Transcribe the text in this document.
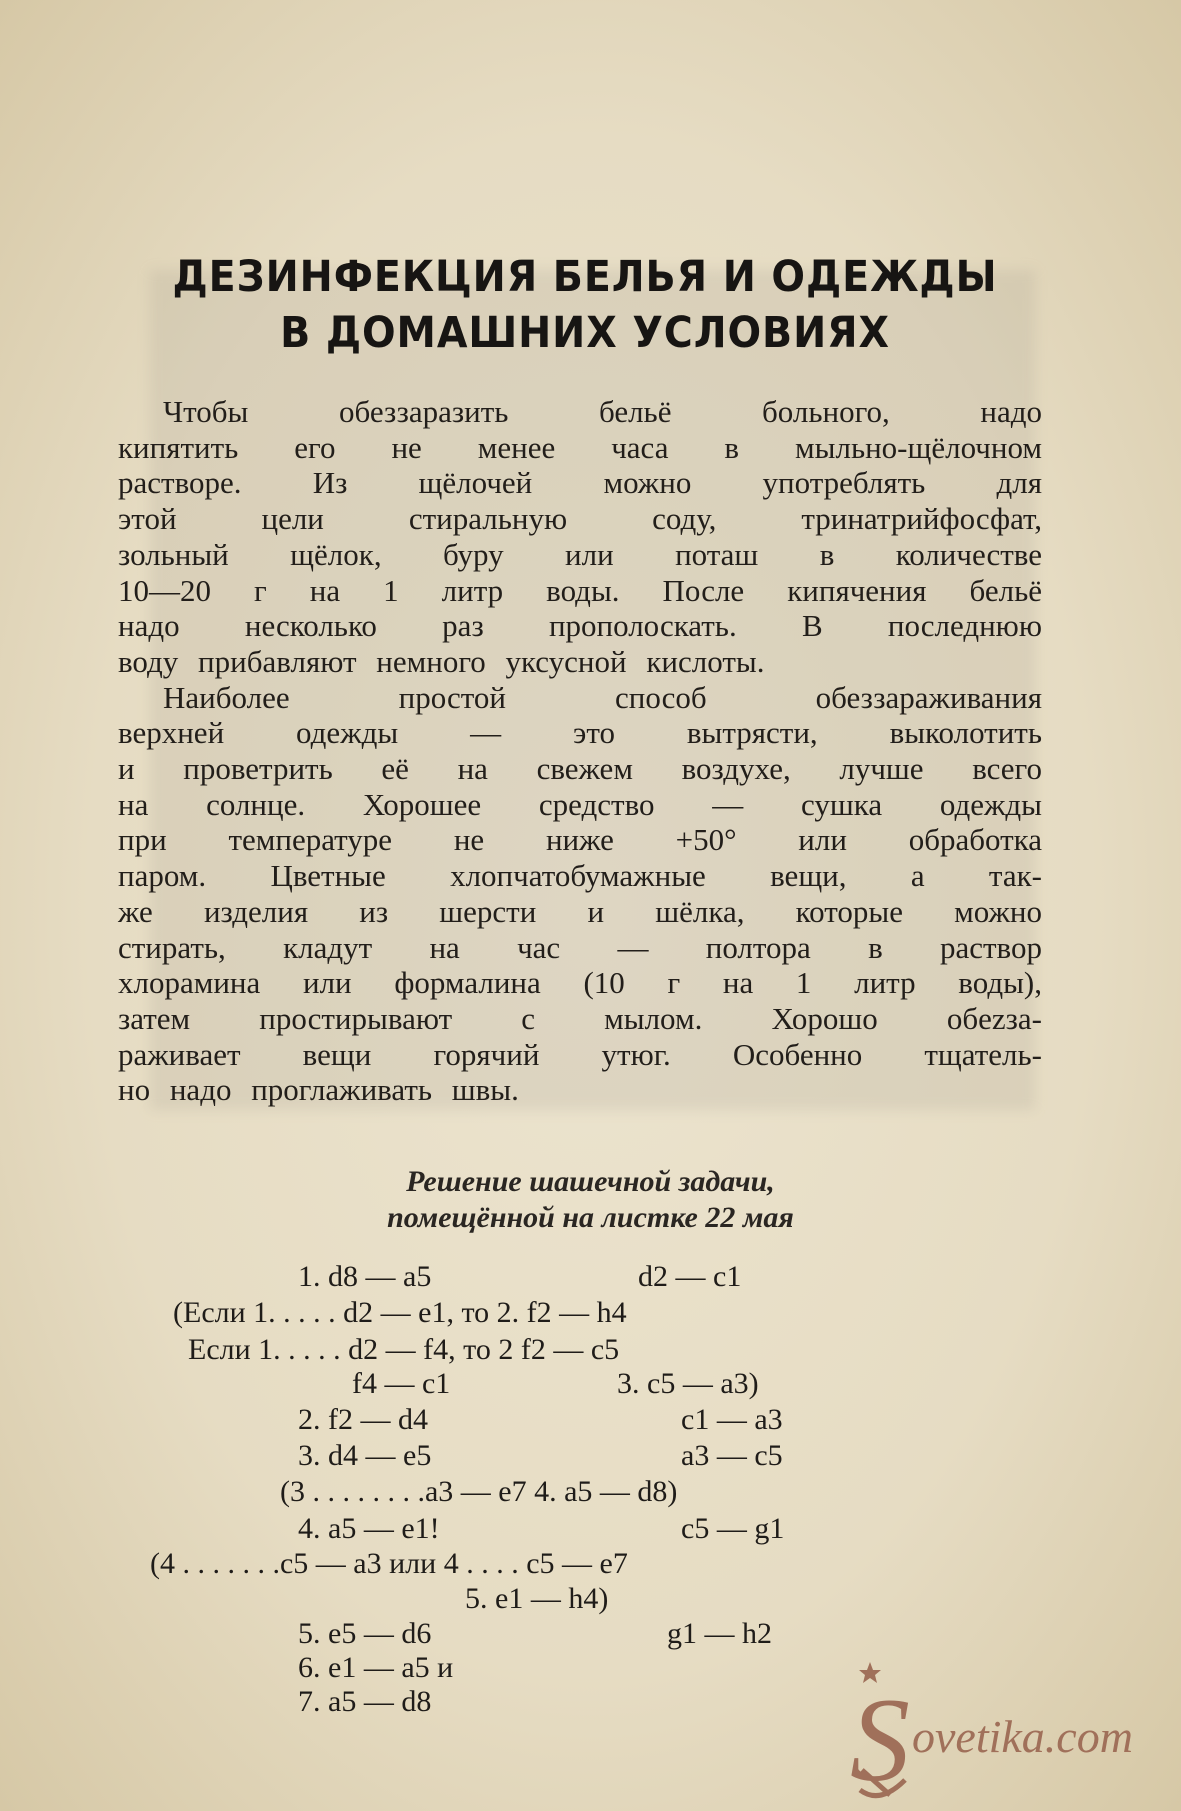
ДЕЗИНФЕКЦИЯ БЕЛЬЯ И ОДЕЖДЫ
В ДОМАШНИХ УСЛОВИЯХ
Чтобы обеззаразить бельё больного, надо
кипятить его не менее часа в мыльно-щёлочном
растворе. Из щёлочей можно употреблять для
этой цели стиральную соду, тринатрийфосфат,
зольный щёлок, буру или поташ в количестве
10—20 г на 1 литр воды. После кипячения бельё
надо несколько раз прополоскать. В последнюю
воду прибавляют немного уксусной кислоты.
Наиболее простой способ обеззараживания
верхней одежды — это вытрясти, выколотить
и проветрить её на свежем воздухе, лучше всего
на солнце. Хорошее средство — сушка одежды
при температуре не ниже +50° или обработка
паром. Цветные хлопчатобумажные вещи, а так-
же изделия из шерсти и шёлка, которые можно
стирать, кладут на час — полтора в раствор
хлорамина или формалина (10 г на 1 литр воды),
затем простирывают с мылом. Хорошо обezза-
раживает вещи горячий утюг. Особенно тщатель-
но надо проглаживать швы.
Решение шашечной задачи,
помещённой на листке 22 мая
1. d8 — a5	d2 — c1
(Если 1. . . . . d2 — e1, то 2. f2 — h4
Если 1. . . . . d2 — f4, то 2 f2 — c5
f4 — c1	3. c5 — a3)
2. f2 — d4	c1 — a3
3. d4 — e5	a3 — c5
(3 . . . . . . . .a3 — e7 4. a5 — d8)
4. a5 — e1!	c5 — g1
(4 . . . . . . .c5 — a3 или 4 . . . . c5 — e7
5. e1 — h4)
5. e5 — d6	g1 — h2
6. e1 — a5 и
7. a5 — d8	S ovetika.com
